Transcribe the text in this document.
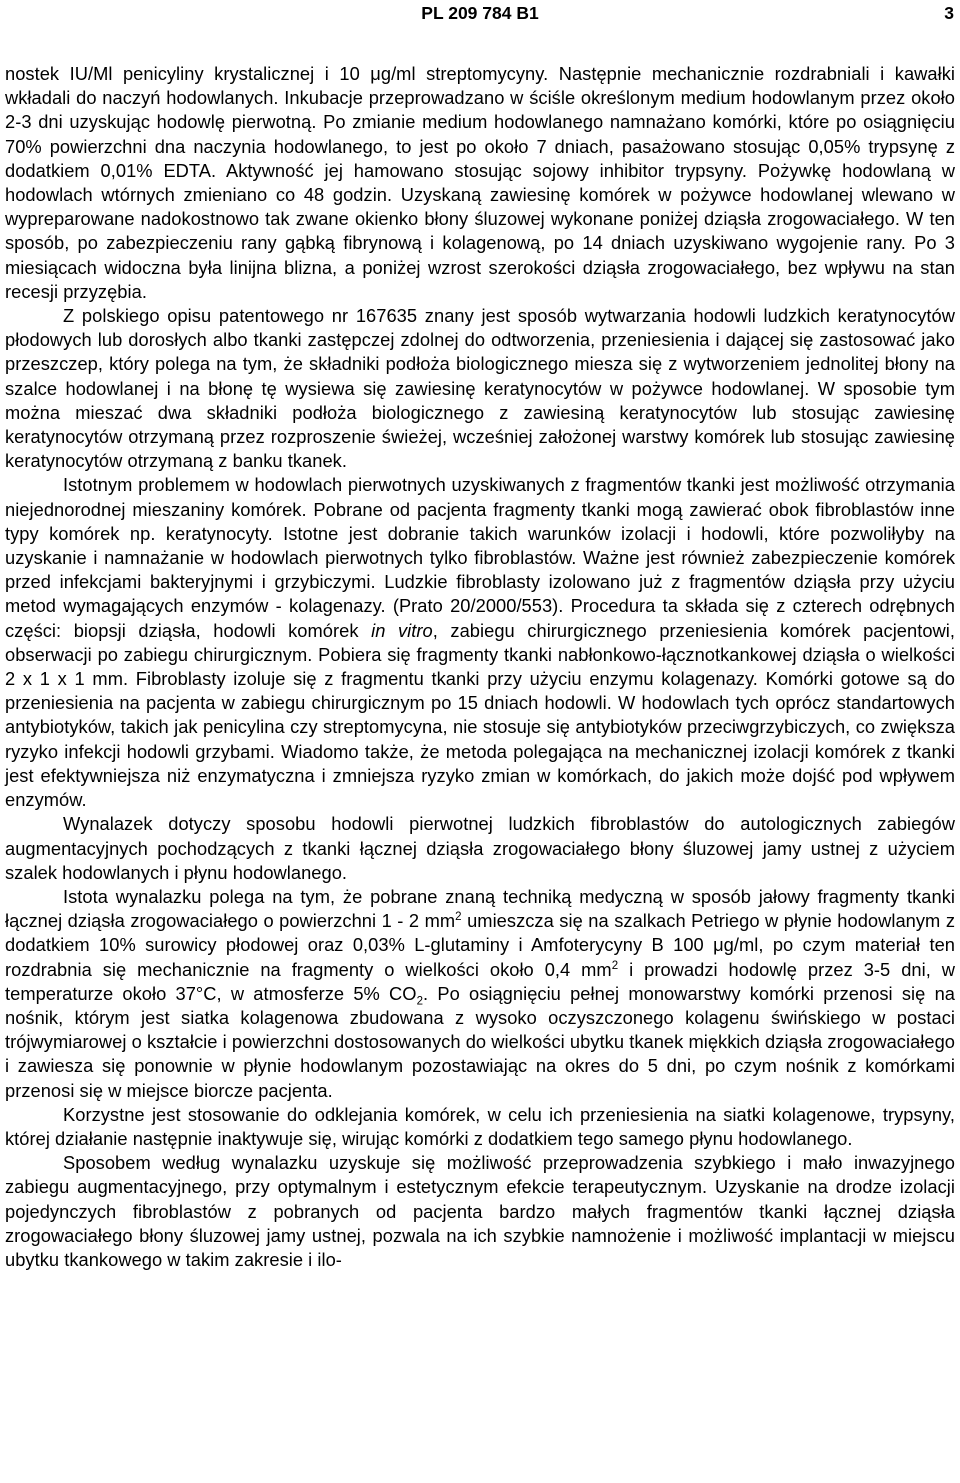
PL 209 784 B1	3

nostek IU/Ml penicyliny krystalicznej i 10 μg/ml streptomycyny. Następnie mechanicznie rozdrabniali i kawałki wkładali do naczyń hodowlanych. Inkubacje przeprowadzano w ściśle określonym medium hodowlanym przez około 2-3 dni uzyskując hodowlę pierwotną. Po zmianie medium hodowlanego namnażano komórki, które po osiągnięciu 70% powierzchni dna naczynia hodowlanego, to jest po około 7 dniach, pasażowano stosując 0,05% trypsynę z dodatkiem 0,01% EDTA. Aktywność jej hamowano stosując sojowy inhibitor trypsyny. Pożywkę hodowlaną w hodowlach wtórnych zmieniano co 48 godzin. Uzyskaną zawiesinę komórek w pożywce hodowlanej wlewano w wypreparowane nadokostnowo tak zwane okienko błony śluzowej wykonane poniżej dziąsła zrogowaciałego. W ten sposób, po zabezpieczeniu rany gąbką fibrynową i kolagenową, po 14 dniach uzyskiwano wygojenie rany. Po 3 miesiącach widoczna była linijna blizna, a poniżej wzrost szerokości dziąsła zrogowaciałego, bez wpływu na stan recesji przyzębia.

Z polskiego opisu patentowego nr 167635 znany jest sposób wytwarzania hodowli ludzkich keratynocytów płodowych lub dorosłych albo tkanki zastępczej zdolnej do odtworzenia, przeniesienia i dającej się zastosować jako przeszczep, który polega na tym, że składniki podłoża biologicznego miesza się z wytworzeniem jednolitej błony na szalce hodowlanej i na błonę tę wysiewa się zawiesinę keratynocytów w pożywce hodowlanej. W sposobie tym można mieszać dwa składniki podłoża biologicznego z zawiesiną keratynocytów lub stosując zawiesinę keratynocytów otrzymaną przez rozproszenie świeżej, wcześniej założonej warstwy komórek lub stosując zawiesinę keratynocytów otrzymaną z banku tkanek.

Istotnym problemem w hodowlach pierwotnych uzyskiwanych z fragmentów tkanki jest możliwość otrzymania niejednorodnej mieszaniny komórek. Pobrane od pacjenta fragmenty tkanki mogą zawierać obok fibroblastów inne typy komórek np. keratynocyty. Istotne jest dobranie takich warunków izolacji i hodowli, które pozwoliłyby na uzyskanie i namnażanie w hodowlach pierwotnych tylko fibroblastów. Ważne jest również zabezpieczenie komórek przed infekcjami bakteryjnymi i grzybiczymi. Ludzkie fibroblasty izolowano już z fragmentów dziąsła przy użyciu metod wymagających enzymów - kolagenazy. (Prato 20/2000/553). Procedura ta składa się z czterech odrębnych części: biopsji dziąsła, hodowli komórek in vitro, zabiegu chirurgicznego przeniesienia komórek pacjentowi, obserwacji po zabiegu chirurgicznym. Pobiera się fragmenty tkanki nabłonkowo-łącznotkankowej dziąsła o wielkości 2 x 1 x 1 mm. Fibroblasty izoluje się z fragmentu tkanki przy użyciu enzymu kolagenazy. Komórki gotowe są do przeniesienia na pacjenta w zabiegu chirurgicznym po 15 dniach hodowli. W hodowlach tych oprócz standartowych antybiotyków, takich jak penicylina czy streptomycyna, nie stosuje się antybiotyków przeciwgrzybiczych, co zwiększa ryzyko infekcji hodowli grzybami. Wiadomo także, że metoda polegająca na mechanicznej izolacji komórek z tkanki jest efektywniejsza niż enzymatyczna i zmniejsza ryzyko zmian w komórkach, do jakich może dojść pod wpływem enzymów.

Wynalazek dotyczy sposobu hodowli pierwotnej ludzkich fibroblastów do autologicznych zabiegów augmentacyjnych pochodzących z tkanki łącznej dziąsła zrogowaciałego błony śluzowej jamy ustnej z użyciem szalek hodowlanych i płynu hodowlanego.

Istota wynalazku polega na tym, że pobrane znaną techniką medyczną w sposób jałowy fragmenty tkanki łącznej dziąsła zrogowaciałego o powierzchni 1 - 2 $mm^2$ umieszcza się na szalkach Petriego w płynie hodowlanym z dodatkiem 10% surowicy płodowej oraz 0,03% L-glutaminy i Amfoterycyny B 100 μg/ml, po czym materiał ten rozdrabnia się mechanicznie na fragmenty o wielkości około 0,4 $mm^2$ i prowadzi hodowlę przez 3-5 dni, w temperaturze około 37°C, w atmosferze 5% $CO_2$. Po osiągnięciu pełnej monowarstwy komórki przenosi się na nośnik, którym jest siatka kolagenowa zbudowana z wysoko oczyszczonego kolagenu świńskiego w postaci trójwymiarowej o kształcie i powierzchni dostosowanych do wielkości ubytku tkanek miękkich dziąsła zrogowaciałego i zawiesza się ponownie w płynie hodowlanym pozostawiając na okres do 5 dni, po czym nośnik z komórkami przenosi się w miejsce biorcze pacjenta.

Korzystne jest stosowanie do odklejania komórek, w celu ich przeniesienia na siatki kolagenowe, trypsyny, której działanie następnie inaktywuje się, wirując komórki z dodatkiem tego samego płynu hodowlanego.

Sposobem według wynalazku uzyskuje się możliwość przeprowadzenia szybkiego i mało inwazyjnego zabiegu augmentacyjnego, przy optymalnym i estetycznym efekcie terapeutycznym. Uzyskanie na drodze izolacji pojedynczych fibroblastów z pobranych od pacjenta bardzo małych fragmentów tkanki łącznej dziąsła zrogowaciałego błony śluzowej jamy ustnej, pozwala na ich szybkie namnożenie i możliwość implantacji w miejscu ubytku tkankowego w takim zakresie i ilo-
